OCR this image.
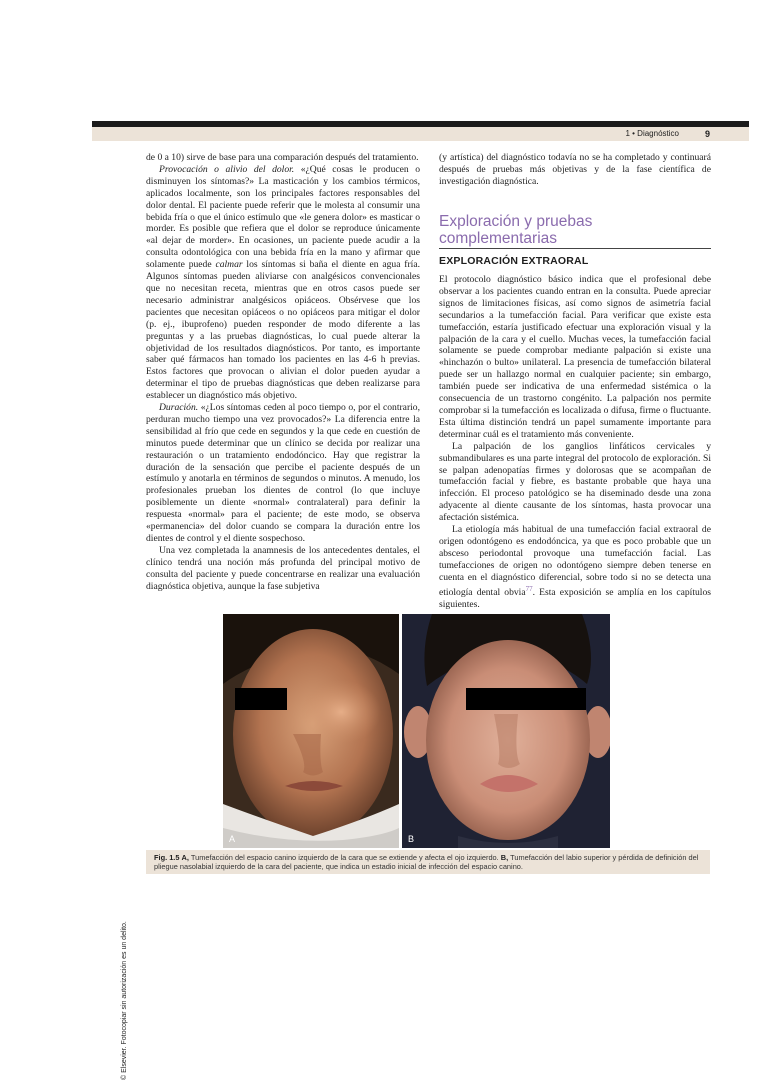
1 • Diagnóstico	9

de 0 a 10) sirve de base para una comparación después del tratamiento.

Provocación o alivio del dolor. «¿Qué cosas le producen o disminuyen los síntomas?» La masticación y los cambios térmicos, aplicados localmente, son los principales factores responsables del dolor dental. El paciente puede referir que le molesta al consumir una bebida fría o que el único estímulo que «le genera dolor» es masticar o morder. Es posible que refiera que el dolor se reproduce únicamente «al dejar de morder». En ocasiones, un paciente puede acudir a la consulta odontológica con una bebida fría en la mano y afirmar que solamente puede calmar los síntomas si baña el diente en agua fría. Algunos síntomas pueden aliviarse con analgésicos convencionales que no necesitan receta, mientras que en otros casos puede ser necesario administrar analgésicos opiáceos. Obsérvese que los pacientes que necesitan opiáceos o no opiáceos para mitigar el dolor (p. ej., ibuprofeno) pueden responder de modo diferente a las preguntas y a las pruebas diagnósticas, lo cual puede alterar la objetividad de los resultados diagnósticos. Por tanto, es importante saber qué fármacos han tomado los pacientes en las 4-6 h previas. Estos factores que provocan o alivian el dolor pueden ayudar a determinar el tipo de pruebas diagnósticas que deben realizarse para establecer un diagnóstico más objetivo.

Duración. «¿Los síntomas ceden al poco tiempo o, por el contrario, perduran mucho tiempo una vez provocados?» La diferencia entre la sensibilidad al frío que cede en segundos y la que cede en cuestión de minutos puede determinar que un clínico se decida por realizar una restauración o un tratamiento endodóncico. Hay que registrar la duración de la sensación que percibe el paciente después de un estímulo y anotarla en términos de segundos o minutos. A menudo, los profesionales prueban los dientes de control (lo que incluye posiblemente un diente «normal» contralateral) para definir la respuesta «normal» para el paciente; de este modo, se observa «permanencia» del dolor cuando se compara la duración entre los dientes de control y el diente sospechoso.

Una vez completada la anamnesis de los antecedentes dentales, el clínico tendrá una noción más profunda del principal motivo de consulta del paciente y puede concentrarse en realizar una evaluación diagnóstica objetiva, aunque la fase subjetiva

(y artística) del diagnóstico todavía no se ha completado y continuará después de pruebas más objetivas y de la fase científica de investigación diagnóstica.

Exploración y pruebas complementarias
EXPLORACIÓN EXTRAORAL

El protocolo diagnóstico básico indica que el profesional debe observar a los pacientes cuando entran en la consulta. Puede apreciar signos de limitaciones físicas, así como signos de asimetría facial secundarios a la tumefacción facial. Para verificar que existe esta tumefacción, estaría justificado efectuar una exploración visual y la palpación de la cara y el cuello. Muchas veces, la tumefacción facial solamente se puede comprobar mediante palpación si existe una «hinchazón o bulto» unilateral. La presencia de tumefacción bilateral puede ser un hallazgo normal en cualquier paciente; sin embargo, también puede ser indicativa de una enfermedad sistémica o la consecuencia de un trastorno congénito. La palpación nos permite comprobar si la tumefacción es localizada o difusa, firme o fluctuante. Esta última distinción tendrá un papel sumamente importante para determinar cuál es el tratamiento más conveniente.

La palpación de los ganglios linfáticos cervicales y submandibulares es una parte integral del protocolo de exploración. Si se palpan adenopatías firmes y dolorosas que se acompañan de tumefacción facial y fiebre, es bastante probable que haya una infección. El proceso patológico se ha diseminado desde una zona adyacente al diente causante de los síntomas, hasta provocar una afectación sistémica.

La etiología más habitual de una tumefacción facial extraoral de origen odontógeno es endodóncica, ya que es poco probable que un absceso periodontal provoque una tumefacción facial. Las tumefacciones de origen no odontógeno siempre deben tenerse en cuenta en el diagnóstico diferencial, sobre todo si no se detecta una etiología dental obvia$^{77}$. Esta exposición se amplía en los capítulos siguientes.

A	B
Fig. 1.5 A, Tumefacción del espacio canino izquierdo de la cara que se extiende y afecta el ojo izquierdo. B, Tumefacción del labio superior y pérdida de definición del pliegue nasolabial izquierdo de la cara del paciente, que indica un estadio inicial de infección del espacio canino.
© Elsevier. Fotocopiar sin autorización es un delito.
